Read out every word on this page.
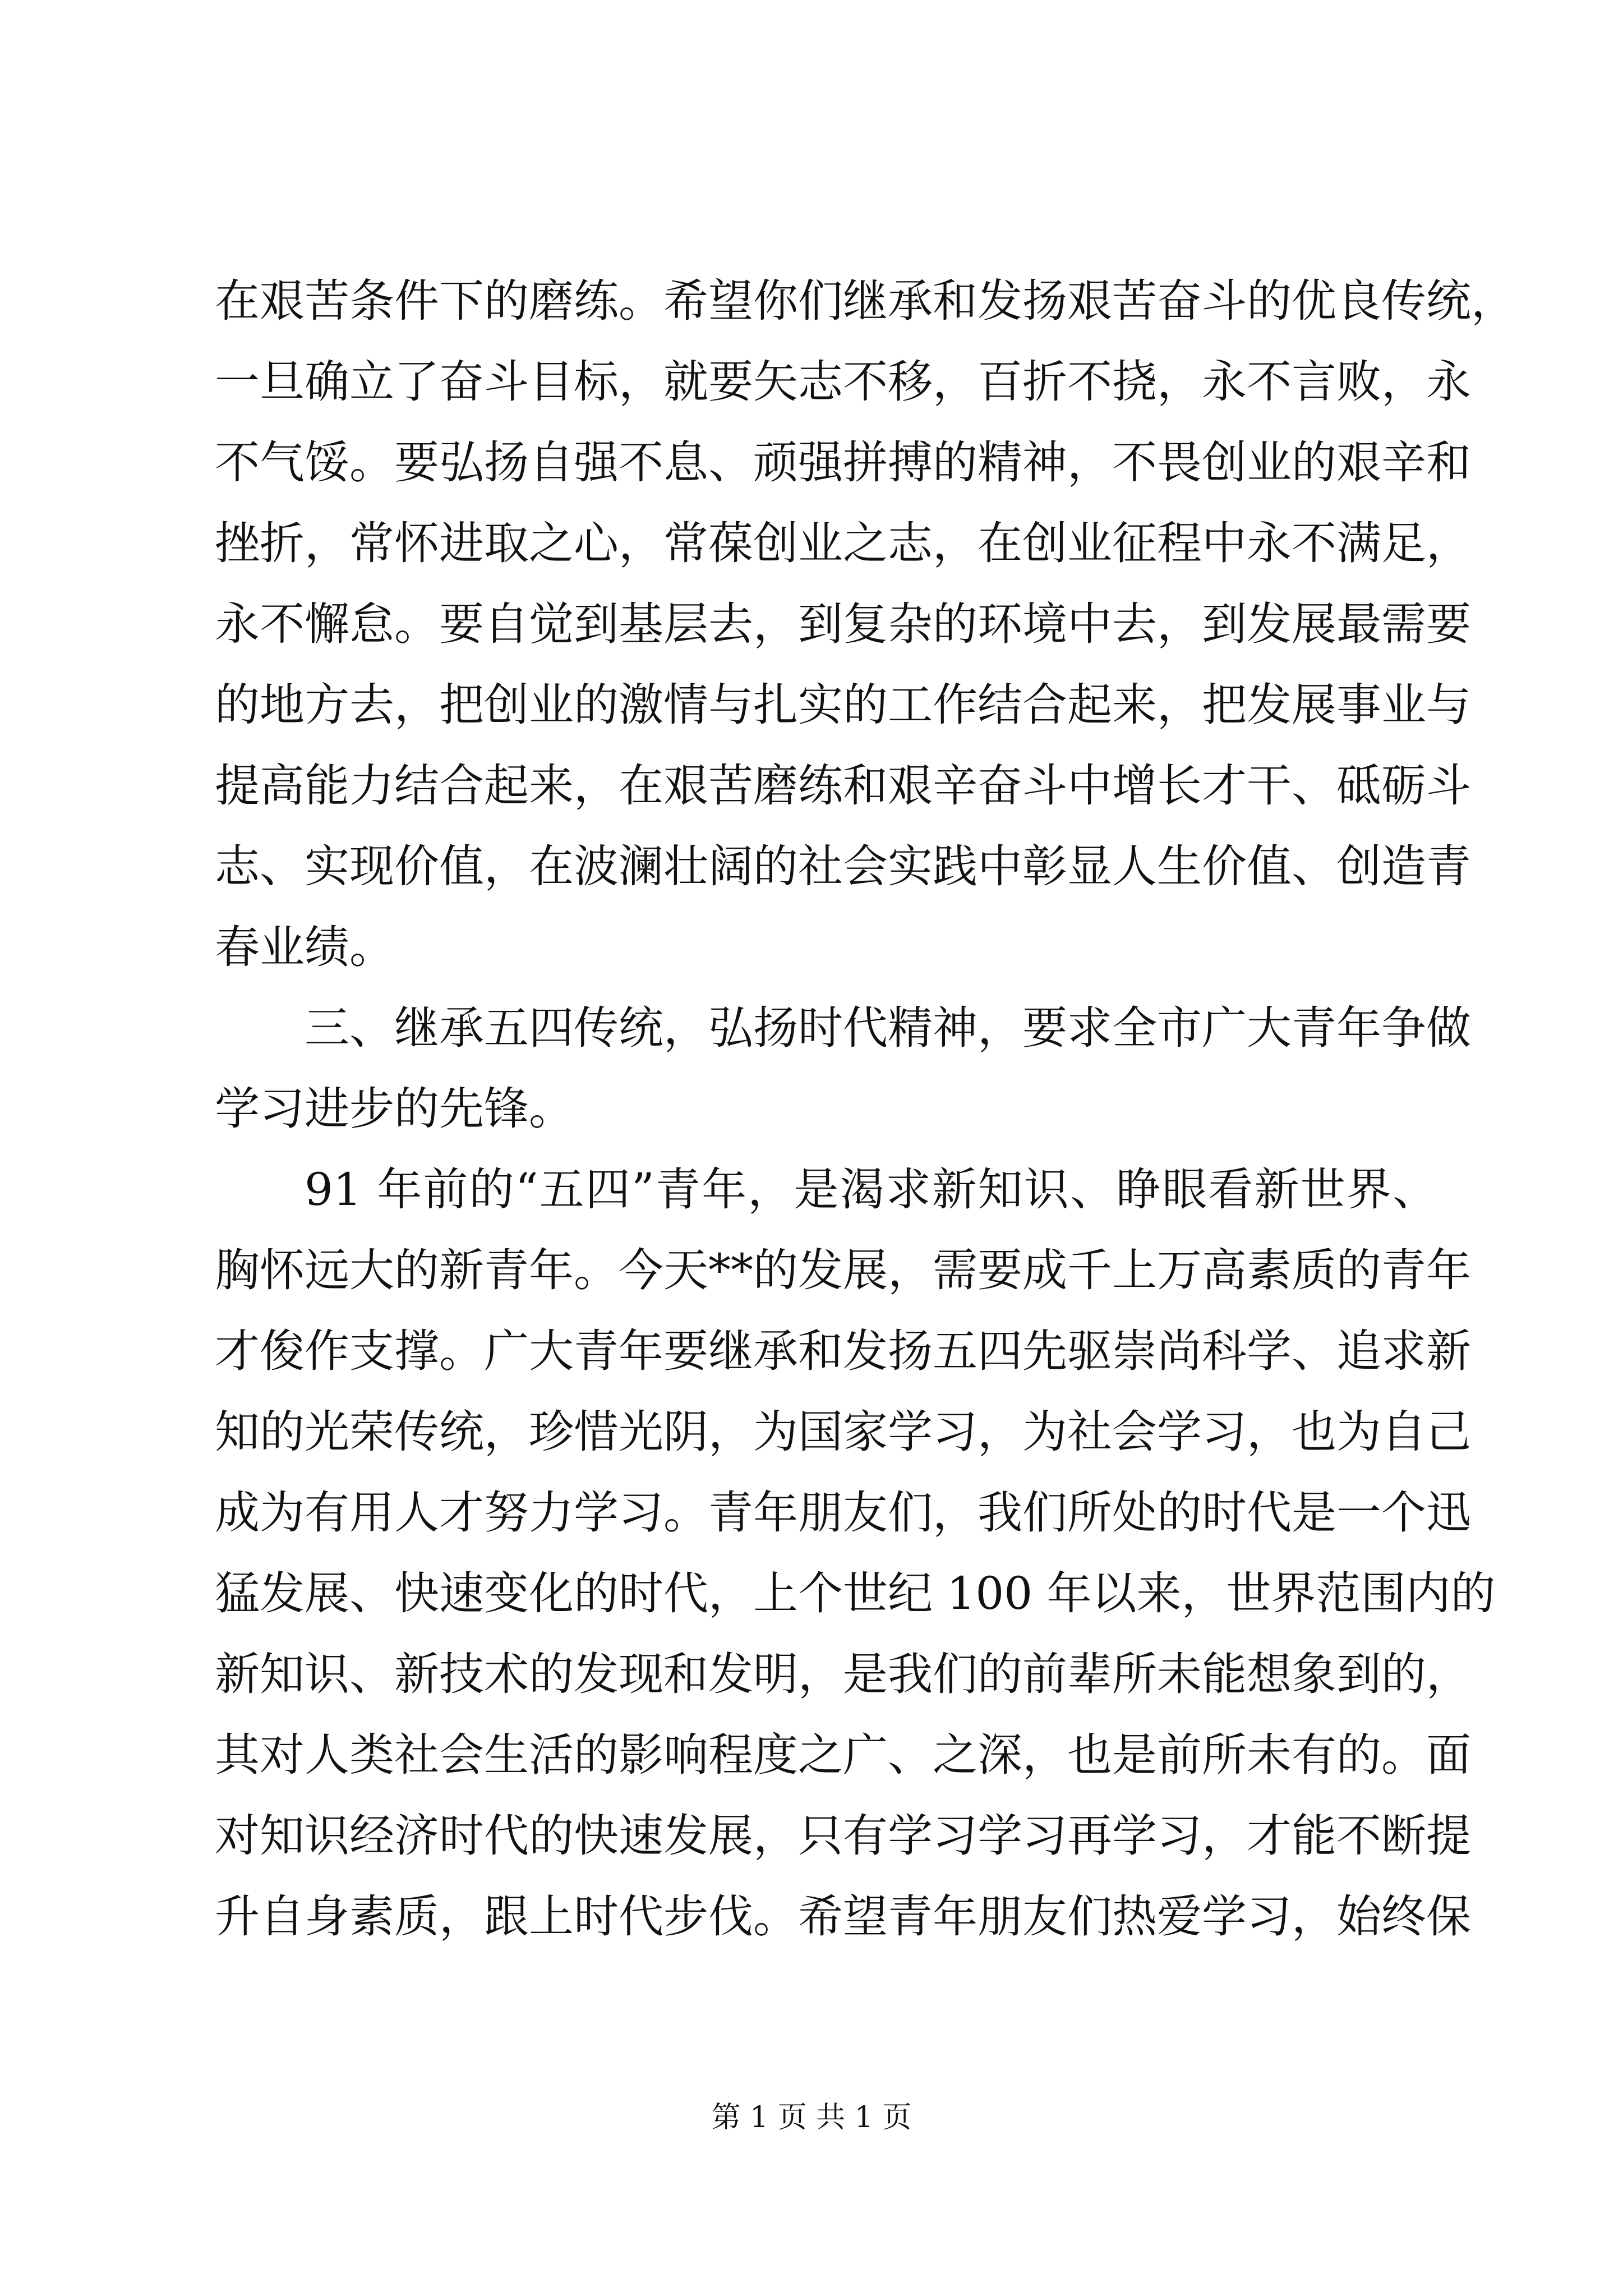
在艰苦条件下的磨练。希望你们继承和发扬艰苦奋斗的优良传统，
一旦确立了奋斗目标，就要矢志不移，百折不挠，永不言败，永
不气馁。要弘扬自强不息、顽强拼搏的精神，不畏创业的艰辛和
挫折，常怀进取之心，常葆创业之志，在创业征程中永不满足，
永不懈怠。要自觉到基层去，到复杂的环境中去，到发展最需要
的地方去，把创业的激情与扎实的工作结合起来，把发展事业与
提高能力结合起来，在艰苦磨练和艰辛奋斗中增长才干、砥砺斗
志、实现价值，在波澜壮阔的社会实践中彰显人生价值、创造青
春业绩。
三、继承五四传统，弘扬时代精神，要求全市广大青年争做
学习进步的先锋。
91 年前的“五四”青年，是渴求新知识、睁眼看新世界、
胸怀远大的新青年。今天**的发展，需要成千上万高素质的青年
才俊作支撑。广大青年要继承和发扬五四先驱崇尚科学、追求新
知的光荣传统，珍惜光阴，为国家学习，为社会学习，也为自己
成为有用人才努力学习。青年朋友们，我们所处的时代是一个迅
猛发展、快速变化的时代，上个世纪 100 年以来，世界范围内的
新知识、新技术的发现和发明，是我们的前辈所未能想象到的，
其对人类社会生活的影响程度之广、之深，也是前所未有的。面
对知识经济时代的快速发展，只有学习学习再学习，才能不断提
升自身素质，跟上时代步伐。希望青年朋友们热爱学习，始终保
第 1 页 共 1 页
